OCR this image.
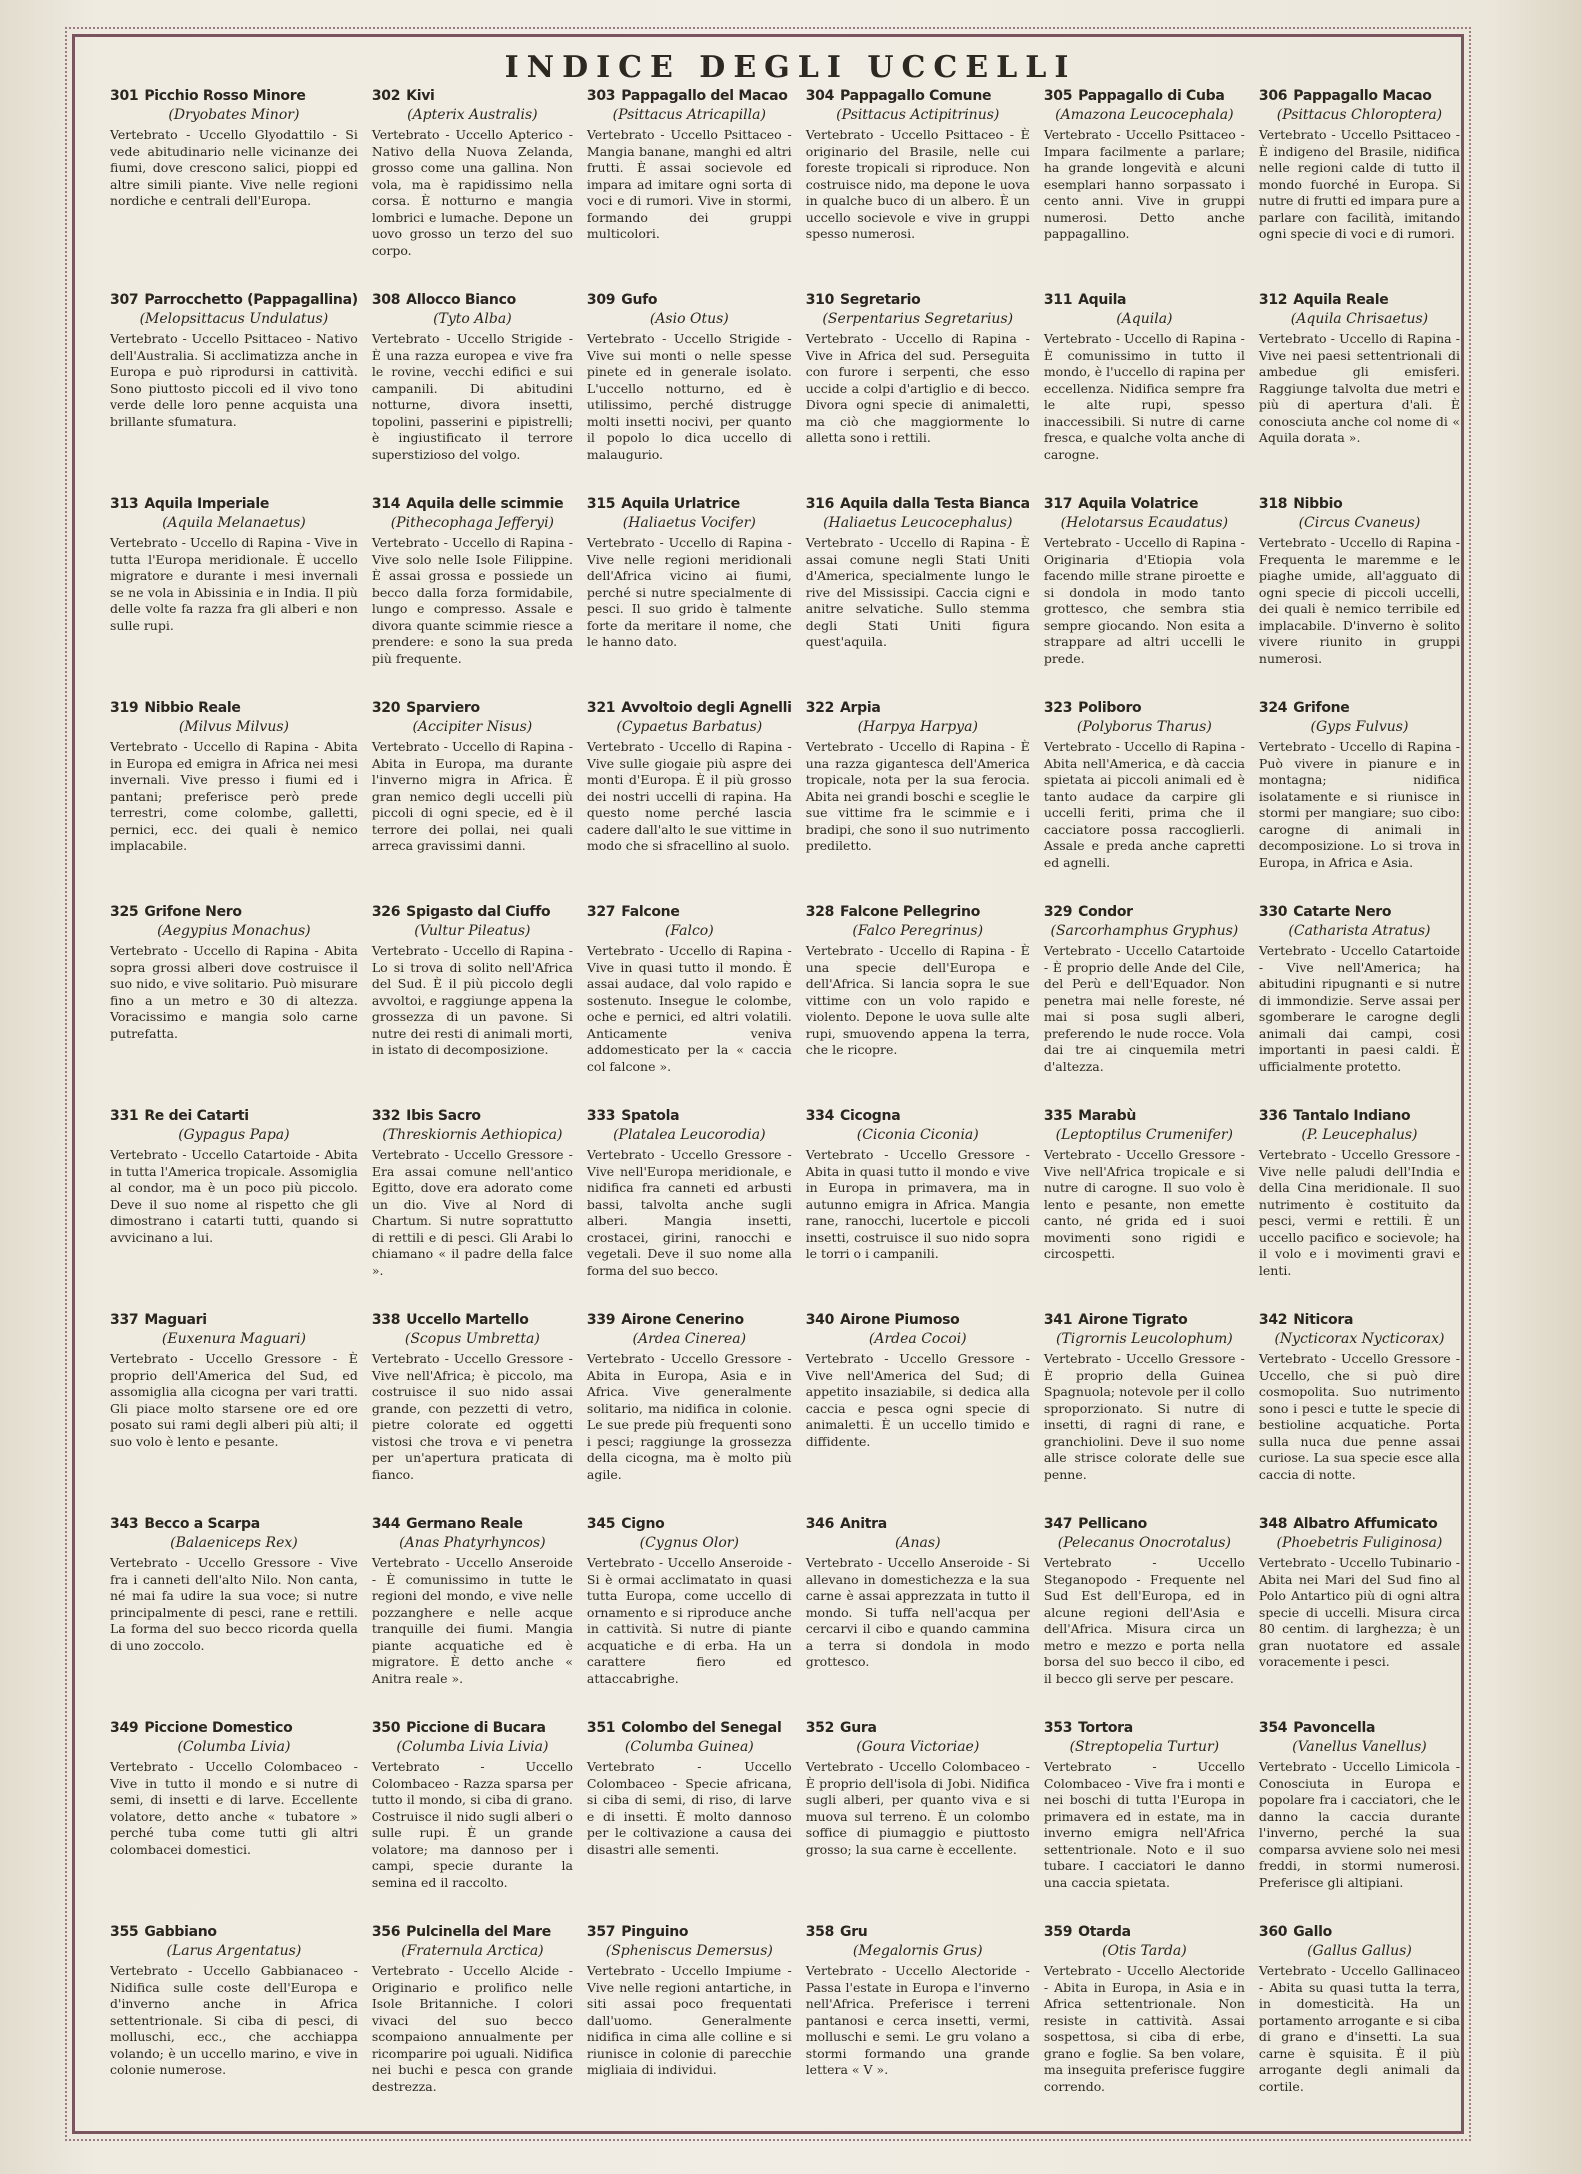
INDICE DEGLI UCCELLI
301 Picchio Rosso Minore
(Dryobates Minor)
Vertebrato - Uccello Glyodattilo - Si vede abitudinario nelle vicinanze dei fiumi, dove crescono salici, pioppi ed altre simili piante. Vive nelle regioni nordiche e centrali dell'Europa.
302 Kivi
(Apterix Australis)
Vertebrato - Uccello Apterico - Nativo della Nuova Zelanda, grosso come una gallina. Non vola, ma è rapidissimo nella corsa. È notturno e mangia lombrici e lumache. Depone un uovo grosso un terzo del suo corpo.
303 Pappagallo del Macao
(Psittacus Atricapilla)
Vertebrato - Uccello Psittaceo - Mangia banane, manghi ed altri frutti. È assai socievole ed impara ad imitare ogni sorta di voci e di rumori. Vive in stormi, formando dei gruppi multicolori.
304 Pappagallo Comune
(Psittacus Actipitrinus)
Vertebrato - Uccello Psittaceo - È originario del Brasile, nelle cui foreste tropicali si riproduce. Non costruisce nido, ma depone le uova in qualche buco di un albero. È un uccello socievole e vive in gruppi spesso numerosi.
305 Pappagallo di Cuba
(Amazona Leucocephala)
Vertebrato - Uccello Psittaceo - Impara facilmente a parlare; ha grande longevità e alcuni esemplari hanno sorpassato i cento anni. Vive in gruppi numerosi. Detto anche pappagallino.
306 Pappagallo Macao
(Psittacus Chloroptera)
Vertebrato - Uccello Psittaceo - È indigeno del Brasile, nidifica nelle regioni calde di tutto il mondo fuorché in Europa. Si nutre di frutti ed impara pure a parlare con facilità, imitando ogni specie di voci e di rumori.
307 Parrocchetto (Pappagallina)
(Melopsittacus Undulatus)
Vertebrato - Uccello Psittaceo - Nativo dell'Australia. Si acclimatizza anche in Europa e può riprodursi in cattività. Sono piuttosto piccoli ed il vivo tono verde delle loro penne acquista una brillante sfumatura.
308 Allocco Bianco
(Tyto Alba)
Vertebrato - Uccello Strigide - È una razza europea e vive fra le rovine, vecchi edifici e sui campanili. Di abitudini notturne, divora insetti, topolini, passerini e pipistrelli; è ingiustificato il terrore superstizioso del volgo.
309 Gufo
(Asio Otus)
Vertebrato - Uccello Strigide - Vive sui monti o nelle spesse pinete ed in generale isolato. L'uccello notturno, ed è utilissimo, perché distrugge molti insetti nocivi, per quanto il popolo lo dica uccello di malaugurio.
310 Segretario
(Serpentarius Segretarius)
Vertebrato - Uccello di Rapina - Vive in Africa del sud. Perseguita con furore i serpenti, che esso uccide a colpi d'artiglio e di becco. Divora ogni specie di animaletti, ma ciò che maggiormente lo alletta sono i rettili.
311 Aquila
(Aquila)
Vertebrato - Uccello di Rapina - È comunissimo in tutto il mondo, è l'uccello di rapina per eccellenza. Nidifica sempre fra le alte rupi, spesso inaccessibili. Si nutre di carne fresca, e qualche volta anche di carogne.
312 Aquila Reale
(Aquila Chrisaetus)
Vertebrato - Uccello di Rapina - Vive nei paesi settentrionali di ambedue gli emisferi. Raggiunge talvolta due metri e più di apertura d'ali. È conosciuta anche col nome di « Aquila dorata ».
313 Aquila Imperiale
(Aquila Melanaetus)
Vertebrato - Uccello di Rapina - Vive in tutta l'Europa meridionale. È uccello migratore e durante i mesi invernali se ne vola in Abissinia e in India. Il più delle volte fa razza fra gli alberi e non sulle rupi.
314 Aquila delle scimmie
(Pithecophaga Jefferyi)
Vertebrato - Uccello di Rapina - Vive solo nelle Isole Filippine. È assai grossa e possiede un becco dalla forza formidabile, lungo e compresso. Assale e divora quante scimmie riesce a prendere: e sono la sua preda più frequente.
315 Aquila Urlatrice
(Haliaetus Vocifer)
Vertebrato - Uccello di Rapina - Vive nelle regioni meridionali dell'Africa vicino ai fiumi, perché si nutre specialmente di pesci. Il suo grido è talmente forte da meritare il nome, che le hanno dato.
316 Aquila dalla Testa Bianca
(Haliaetus Leucocephalus)
Vertebrato - Uccello di Rapina - È assai comune negli Stati Uniti d'America, specialmente lungo le rive del Mississipi. Caccia cigni e anitre selvatiche. Sullo stemma degli Stati Uniti figura quest'aquila.
317 Aquila Volatrice
(Helotarsus Ecaudatus)
Vertebrato - Uccello di Rapina - Originaria d'Etiopia vola facendo mille strane piroette e si dondola in modo tanto grottesco, che sembra stia sempre giocando. Non esita a strappare ad altri uccelli le prede.
318 Nibbio
(Circus Cvaneus)
Vertebrato - Uccello di Rapina - Frequenta le maremme e le piaghe umide, all'agguato di ogni specie di piccoli uccelli, dei quali è nemico terribile ed implacabile. D'inverno è solito vivere riunito in gruppi numerosi.
319 Nibbio Reale
(Milvus Milvus)
Vertebrato - Uccello di Rapina - Abita in Europa ed emigra in Africa nei mesi invernali. Vive presso i fiumi ed i pantani; preferisce però prede terrestri, come colombe, galletti, pernici, ecc. dei quali è nemico implacabile.
320 Sparviero
(Accipiter Nisus)
Vertebrato - Uccello di Rapina - Abita in Europa, ma durante l'inverno migra in Africa. È gran nemico degli uccelli più piccoli di ogni specie, ed è il terrore dei pollai, nei quali arreca gravissimi danni.
321 Avvoltoio degli Agnelli
(Cypaetus Barbatus)
Vertebrato - Uccello di Rapina - Vive sulle giogaie più aspre dei monti d'Europa. È il più grosso dei nostri uccelli di rapina. Ha questo nome perché lascia cadere dall'alto le sue vittime in modo che si sfracellino al suolo.
322 Arpia
(Harpya Harpya)
Vertebrato - Uccello di Rapina - È una razza gigantesca dell'America tropicale, nota per la sua ferocia. Abita nei grandi boschi e sceglie le sue vittime fra le scimmie e i bradipi, che sono il suo nutrimento prediletto.
323 Poliboro
(Polyborus Tharus)
Vertebrato - Uccello di Rapina - Abita nell'America, e dà caccia spietata ai piccoli animali ed è tanto audace da carpire gli uccelli feriti, prima che il cacciatore possa raccoglierli. Assale e preda anche capretti ed agnelli.
324 Grifone
(Gyps Fulvus)
Vertebrato - Uccello di Rapina - Può vivere in pianure e in montagna; nidifica isolatamente e si riunisce in stormi per mangiare; suo cibo: carogne di animali in decomposizione. Lo si trova in Europa, in Africa e Asia.
325 Grifone Nero
(Aegypius Monachus)
Vertebrato - Uccello di Rapina - Abita sopra grossi alberi dove costruisce il suo nido, e vive solitario. Può misurare fino a un metro e 30 di altezza. Voracissimo e mangia solo carne putrefatta.
326 Spigasto dal Ciuffo
(Vultur Pileatus)
Vertebrato - Uccello di Rapina - Lo si trova di solito nell'Africa del Sud. È il più piccolo degli avvoltoi, e raggiunge appena la grossezza di un pavone. Si nutre dei resti di animali morti, in istato di decomposizione.
327 Falcone
(Falco)
Vertebrato - Uccello di Rapina - Vive in quasi tutto il mondo. È assai audace, dal volo rapido e sostenuto. Insegue le colombe, oche e pernici, ed altri volatili. Anticamente veniva addomesticato per la « caccia col falcone ».
328 Falcone Pellegrino
(Falco Peregrinus)
Vertebrato - Uccello di Rapina - È una specie dell'Europa e dell'Africa. Si lancia sopra le sue vittime con un volo rapido e violento. Depone le uova sulle alte rupi, smuovendo appena la terra, che le ricopre.
329 Condor
(Sarcorhamphus Gryphus)
Vertebrato - Uccello Catartoide - È proprio delle Ande del Cile, del Perù e dell'Equador. Non penetra mai nelle foreste, né mai si posa sugli alberi, preferendo le nude rocce. Vola dai tre ai cinquemila metri d'altezza.
330 Catarte Nero
(Catharista Atratus)
Vertebrato - Uccello Catartoide - Vive nell'America; ha abitudini ripugnanti e si nutre di immondizie. Serve assai per sgomberare le carogne degli animali dai campi, cosi importanti in paesi caldi. È ufficialmente protetto.
331 Re dei Catarti
(Gypagus Papa)
Vertebrato - Uccello Catartoide - Abita in tutta l'America tropicale. Assomiglia al condor, ma è un poco più piccolo. Deve il suo nome al rispetto che gli dimostrano i catarti tutti, quando si avvicinano a lui.
332 Ibis Sacro
(Threskiornis Aethiopica)
Vertebrato - Uccello Gressore - Era assai comune nell'antico Egitto, dove era adorato come un dio. Vive al Nord di Chartum. Si nutre soprattutto di rettili e di pesci. Gli Arabi lo chiamano « il padre della falce ».
333 Spatola
(Platalea Leucorodia)
Vertebrato - Uccello Gressore - Vive nell'Europa meridionale, e nidifica fra canneti ed arbusti bassi, talvolta anche sugli alberi. Mangia insetti, crostacei, girini, ranocchi e vegetali. Deve il suo nome alla forma del suo becco.
334 Cicogna
(Ciconia Ciconia)
Vertebrato - Uccello Gressore - Abita in quasi tutto il mondo e vive in Europa in primavera, ma in autunno emigra in Africa. Mangia rane, ranocchi, lucertole e piccoli insetti, costruisce il suo nido sopra le torri o i campanili.
335 Marabù
(Leptoptilus Crumenifer)
Vertebrato - Uccello Gressore - Vive nell'Africa tropicale e si nutre di carogne. Il suo volo è lento e pesante, non emette canto, né grida ed i suoi movimenti sono rigidi e circospetti.
336 Tantalo Indiano
(P. Leucephalus)
Vertebrato - Uccello Gressore - Vive nelle paludi dell'India e della Cina meridionale. Il suo nutrimento è costituito da pesci, vermi e rettili. È un uccello pacifico e socievole; ha il volo e i movimenti gravi e lenti.
337 Maguari
(Euxenura Maguari)
Vertebrato - Uccello Gressore - È proprio dell'America del Sud, ed assomiglia alla cicogna per vari tratti. Gli piace molto starsene ore ed ore posato sui rami degli alberi più alti; il suo volo è lento e pesante.
338 Uccello Martello
(Scopus Umbretta)
Vertebrato - Uccello Gressore - Vive nell'Africa; è piccolo, ma costruisce il suo nido assai grande, con pezzetti di vetro, pietre colorate ed oggetti vistosi che trova e vi penetra per un'apertura praticata di fianco.
339 Airone Cenerino
(Ardea Cinerea)
Vertebrato - Uccello Gressore - Abita in Europa, Asia e in Africa. Vive generalmente solitario, ma nidifica in colonie. Le sue prede più frequenti sono i pesci; raggiunge la grossezza della cicogna, ma è molto più agile.
340 Airone Piumoso
(Ardea Cocoi)
Vertebrato - Uccello Gressore - Vive nell'America del Sud; di appetito insaziabile, si dedica alla caccia e pesca ogni specie di animaletti. È un uccello timido e diffidente.
341 Airone Tigrato
(Tigrornis Leucolophum)
Vertebrato - Uccello Gressore - È proprio della Guinea Spagnuola; notevole per il collo sproporzionato. Si nutre di insetti, di ragni di rane, e granchiolini. Deve il suo nome alle strisce colorate delle sue penne.
342 Niticora
(Nycticorax Nycticorax)
Vertebrato - Uccello Gressore - Uccello, che si può dire cosmopolita. Suo nutrimento sono i pesci e tutte le specie di bestioline acquatiche. Porta sulla nuca due penne assai curiose. La sua specie esce alla caccia di notte.
343 Becco a Scarpa
(Balaeniceps Rex)
Vertebrato - Uccello Gressore - Vive fra i canneti dell'alto Nilo. Non canta, né mai fa udire la sua voce; si nutre principalmente di pesci, rane e rettili. La forma del suo becco ricorda quella di uno zoccolo.
344 Germano Reale
(Anas Phatyrhyncos)
Vertebrato - Uccello Anseroide - È comunissimo in tutte le regioni del mondo, e vive nelle pozzanghere e nelle acque tranquille dei fiumi. Mangia piante acquatiche ed è migratore. È detto anche « Anitra reale ».
345 Cigno
(Cygnus Olor)
Vertebrato - Uccello Anseroide - Si è ormai acclimatato in quasi tutta Europa, come uccello di ornamento e si riproduce anche in cattività. Si nutre di piante acquatiche e di erba. Ha un carattere fiero ed attaccabrighe.
346 Anitra
(Anas)
Vertebrato - Uccello Anseroide - Si allevano in domestichezza e la sua carne è assai apprezzata in tutto il mondo. Si tuffa nell'acqua per cercarvi il cibo e quando cammina a terra si dondola in modo grottesco.
347 Pellicano
(Pelecanus Onocrotalus)
Vertebrato - Uccello Steganopodo - Frequente nel Sud Est dell'Europa, ed in alcune regioni dell'Asia e dell'Africa. Misura circa un metro e mezzo e porta nella borsa del suo becco il cibo, ed il becco gli serve per pescare.
348 Albatro Affumicato
(Phoebetris Fuliginosa)
Vertebrato - Uccello Tubinario - Abita nei Mari del Sud fino al Polo Antartico più di ogni altra specie di uccelli. Misura circa 80 centim. di larghezza; è un gran nuotatore ed assale voracemente i pesci.
349 Piccione Domestico
(Columba Livia)
Vertebrato - Uccello Colombaceo - Vive in tutto il mondo e si nutre di semi, di insetti e di larve. Eccellente volatore, detto anche « tubatore » perché tuba come tutti gli altri colombacei domestici.
350 Piccione di Bucara
(Columba Livia Livia)
Vertebrato - Uccello Colombaceo - Razza sparsa per tutto il mondo, si ciba di grano. Costruisce il nido sugli alberi o sulle rupi. È un grande volatore; ma dannoso per i campi, specie durante la semina ed il raccolto.
351 Colombo del Senegal
(Columba Guinea)
Vertebrato - Uccello Colombaceo - Specie africana, si ciba di semi, di riso, di larve e di insetti. È molto dannoso per le coltivazione a causa dei disastri alle sementi.
352 Gura
(Goura Victoriae)
Vertebrato - Uccello Colombaceo - È proprio dell'isola di Jobi. Nidifica sugli alberi, per quanto viva e si muova sul terreno. È un colombo soffice di piumaggio e piuttosto grosso; la sua carne è eccellente.
353 Tortora
(Streptopelia Turtur)
Vertebrato - Uccello Colombaceo - Vive fra i monti e nei boschi di tutta l'Europa in primavera ed in estate, ma in inverno emigra nell'Africa settentrionale. Noto e il suo tubare. I cacciatori le danno una caccia spietata.
354 Pavoncella
(Vanellus Vanellus)
Vertebrato - Uccello Limicola - Conosciuta in Europa e popolare fra i cacciatori, che le danno la caccia durante l'inverno, perché la sua comparsa avviene solo nei mesi freddi, in stormi numerosi. Preferisce gli altipiani.
355 Gabbiano
(Larus Argentatus)
Vertebrato - Uccello Gabbianaceo - Nidifica sulle coste dell'Europa e d'inverno anche in Africa settentrionale. Si ciba di pesci, di molluschi, ecc., che acchiappa volando; è un uccello marino, e vive in colonie numerose.
356 Pulcinella del Mare
(Fraternula Arctica)
Vertebrato - Uccello Alcide - Originario e prolifico nelle Isole Britanniche. I colori vivaci del suo becco scompaiono annualmente per ricomparire poi uguali. Nidifica nei buchi e pesca con grande destrezza.
357 Pinguino
(Spheniscus Demersus)
Vertebrato - Uccello Impiume - Vive nelle regioni antartiche, in siti assai poco frequentati dall'uomo. Generalmente nidifica in cima alle colline e si riunisce in colonie di parecchie migliaia di individui.
358 Gru
(Megalornis Grus)
Vertebrato - Uccello Alectoride - Passa l'estate in Europa e l'inverno nell'Africa. Preferisce i terreni pantanosi e cerca insetti, vermi, molluschi e semi. Le gru volano a stormi formando una grande lettera « V ».
359 Otarda
(Otis Tarda)
Vertebrato - Uccello Alectoride - Abita in Europa, in Asia e in Africa settentrionale. Non resiste in cattività. Assai sospettosa, si ciba di erbe, grano e foglie. Sa ben volare, ma inseguita preferisce fuggire correndo.
360 Gallo
(Gallus Gallus)
Vertebrato - Uccello Gallinaceo - Abita su quasi tutta la terra, in domesticità. Ha un portamento arrogante e si ciba di grano e d'insetti. La sua carne è squisita. È il più arrogante degli animali da cortile.
